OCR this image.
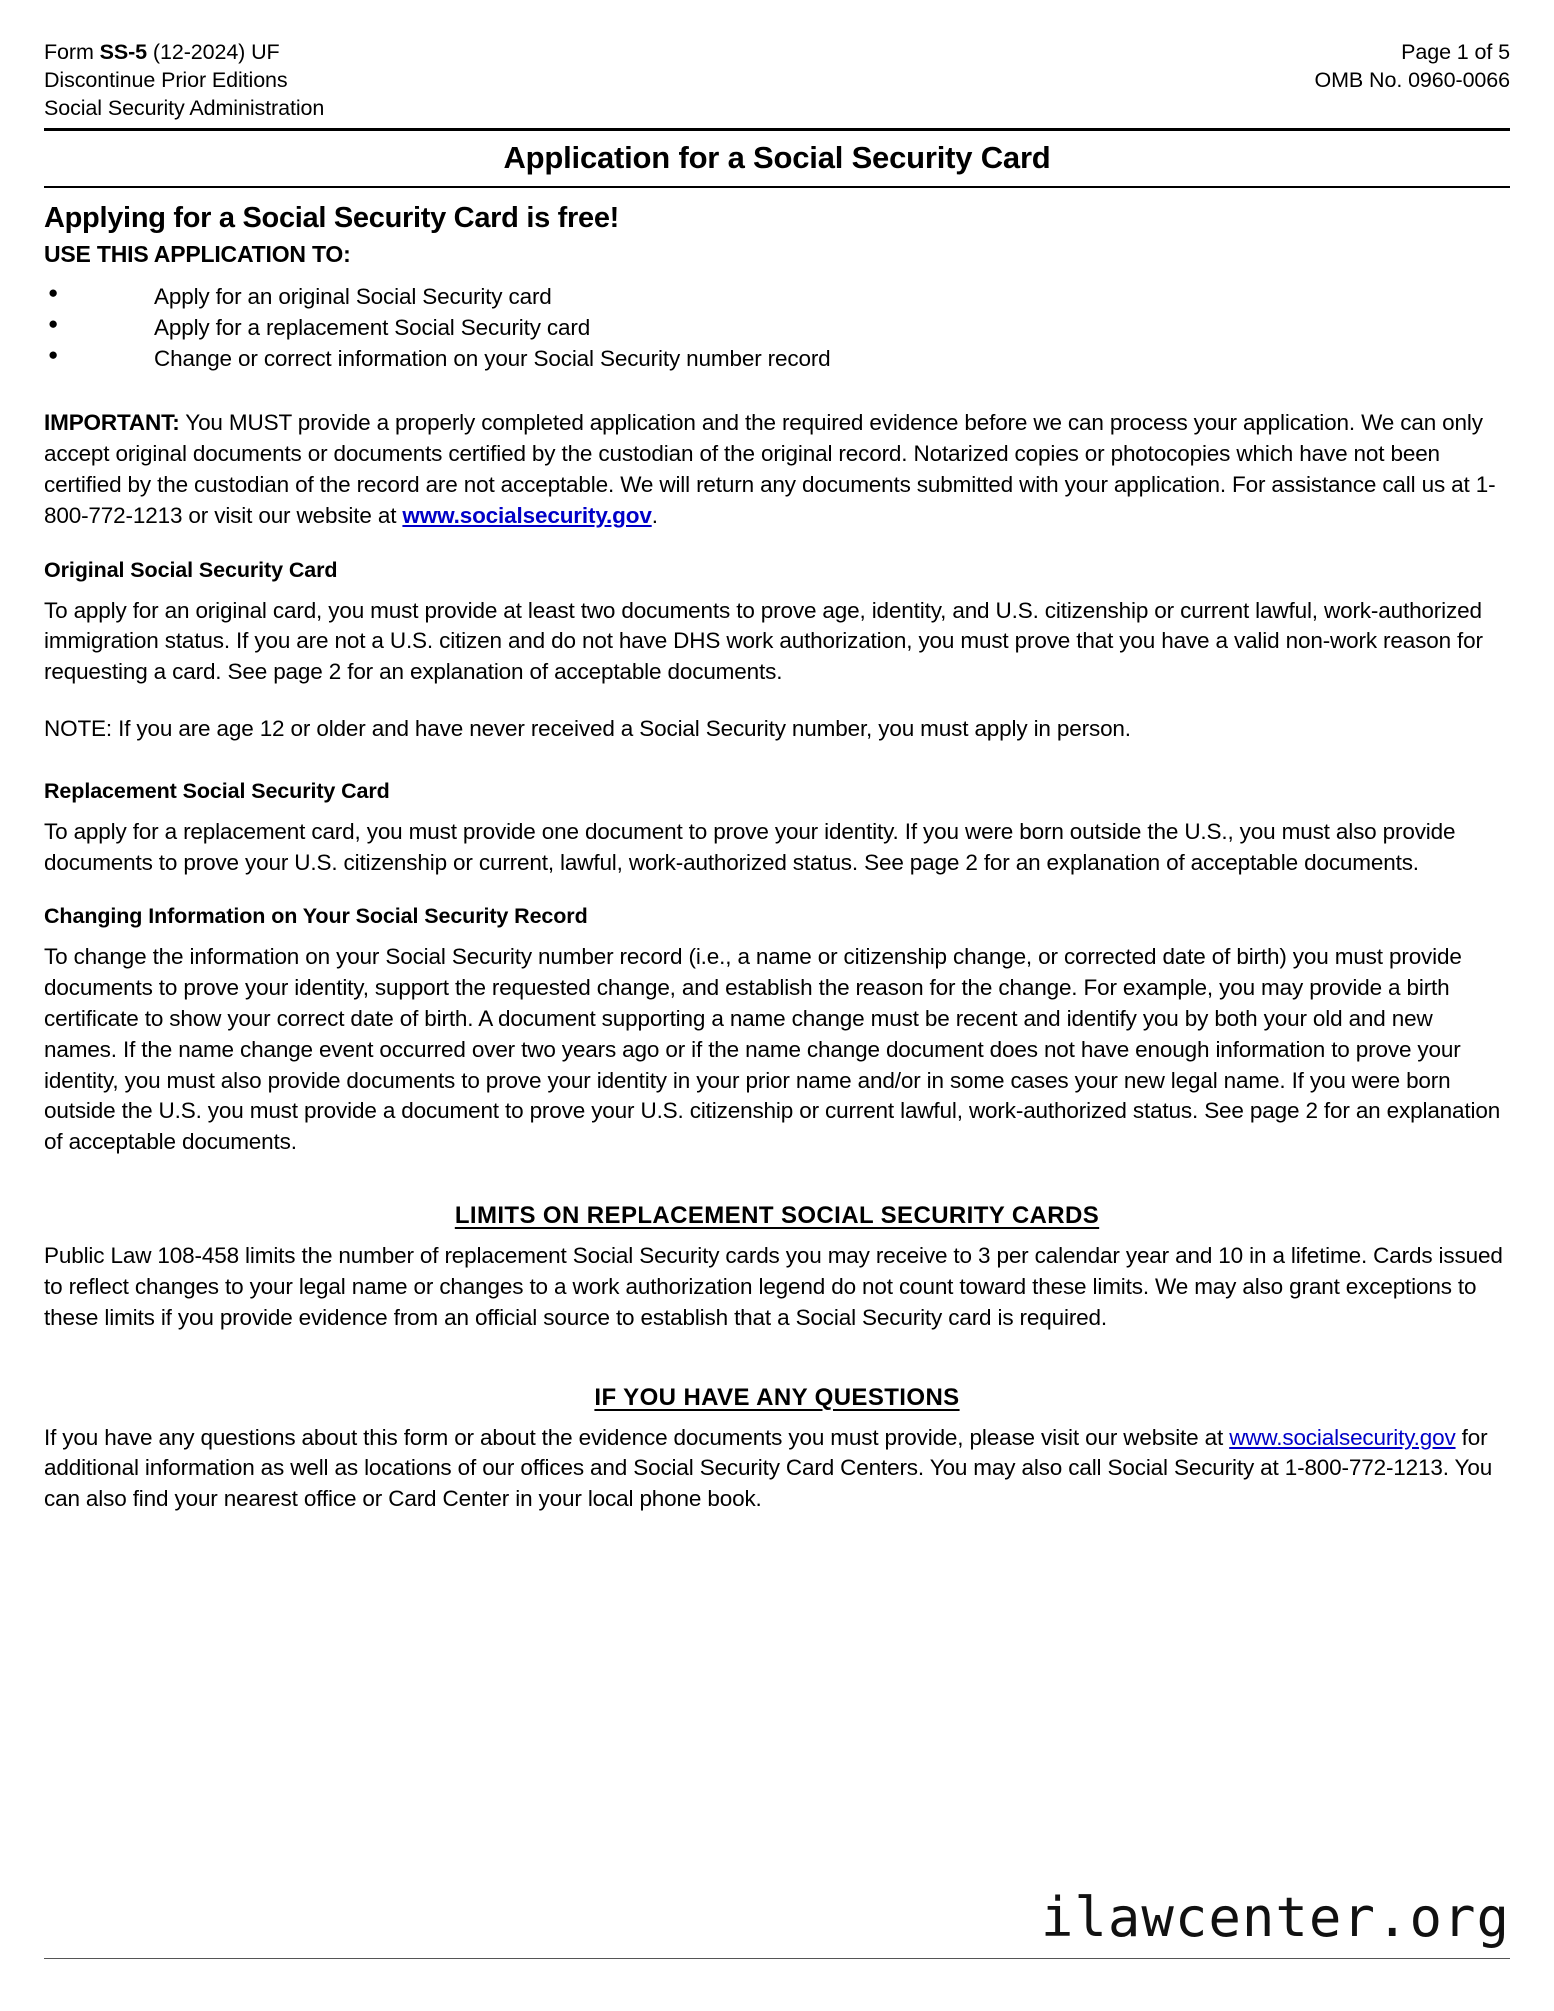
Form SS-5 (12-2024) UF
Discontinue Prior Editions
Social Security Administration
Page 1 of 5
OMB No. 0960-0066
Application for a Social Security Card
Applying for a Social Security Card is free!
USE THIS APPLICATION TO:
● Apply for an original Social Security card
● Apply for a replacement Social Security card
● Change or correct information on your Social Security number record

IMPORTANT: You MUST provide a properly completed application and the required evidence before we can process your application. We can only accept original documents or documents certified by the custodian of the original record. Notarized copies or photocopies which have not been certified by the custodian of the record are not acceptable. We will return any documents submitted with your application. For assistance call us at 1-800-772-1213 or visit our website at www.socialsecurity.gov.

Original Social Security Card

To apply for an original card, you must provide at least two documents to prove age, identity, and U.S. citizenship or current lawful, work-authorized immigration status. If you are not a U.S. citizen and do not have DHS work authorization, you must prove that you have a valid non-work reason for requesting a card. See page 2 for an explanation of acceptable documents.

NOTE: If you are age 12 or older and have never received a Social Security number, you must apply in person.

Replacement Social Security Card

To apply for a replacement card, you must provide one document to prove your identity. If you were born outside the U.S., you must also provide documents to prove your U.S. citizenship or current, lawful, work-authorized status. See page 2 for an explanation of acceptable documents.

Changing Information on Your Social Security Record

To change the information on your Social Security number record (i.e., a name or citizenship change, or corrected date of birth) you must provide documents to prove your identity, support the requested change, and establish the reason for the change. For example, you may provide a birth certificate to show your correct date of birth. A document supporting a name change must be recent and identify you by both your old and new names. If the name change event occurred over two years ago or if the name change document does not have enough information to prove your identity, you must also provide documents to prove your identity in your prior name and/or in some cases your new legal name. If you were born outside the U.S. you must provide a document to prove your U.S. citizenship or current lawful, work-authorized status. See page 2 for an explanation of acceptable documents.

LIMITS ON REPLACEMENT SOCIAL SECURITY CARDS

Public Law 108-458 limits the number of replacement Social Security cards you may receive to 3 per calendar year and 10 in a lifetime. Cards issued to reflect changes to your legal name or changes to a work authorization legend do not count toward these limits. We may also grant exceptions to these limits if you provide evidence from an official source to establish that a Social Security card is required.

IF YOU HAVE ANY QUESTIONS

If you have any questions about this form or about the evidence documents you must provide, please visit our website at www.socialsecurity.gov for additional information as well as locations of our offices and Social Security Card Centers. You may also call Social Security at 1-800-772-1213. You can also find your nearest office or Card Center in your local phone book.

ilawcenter.org
